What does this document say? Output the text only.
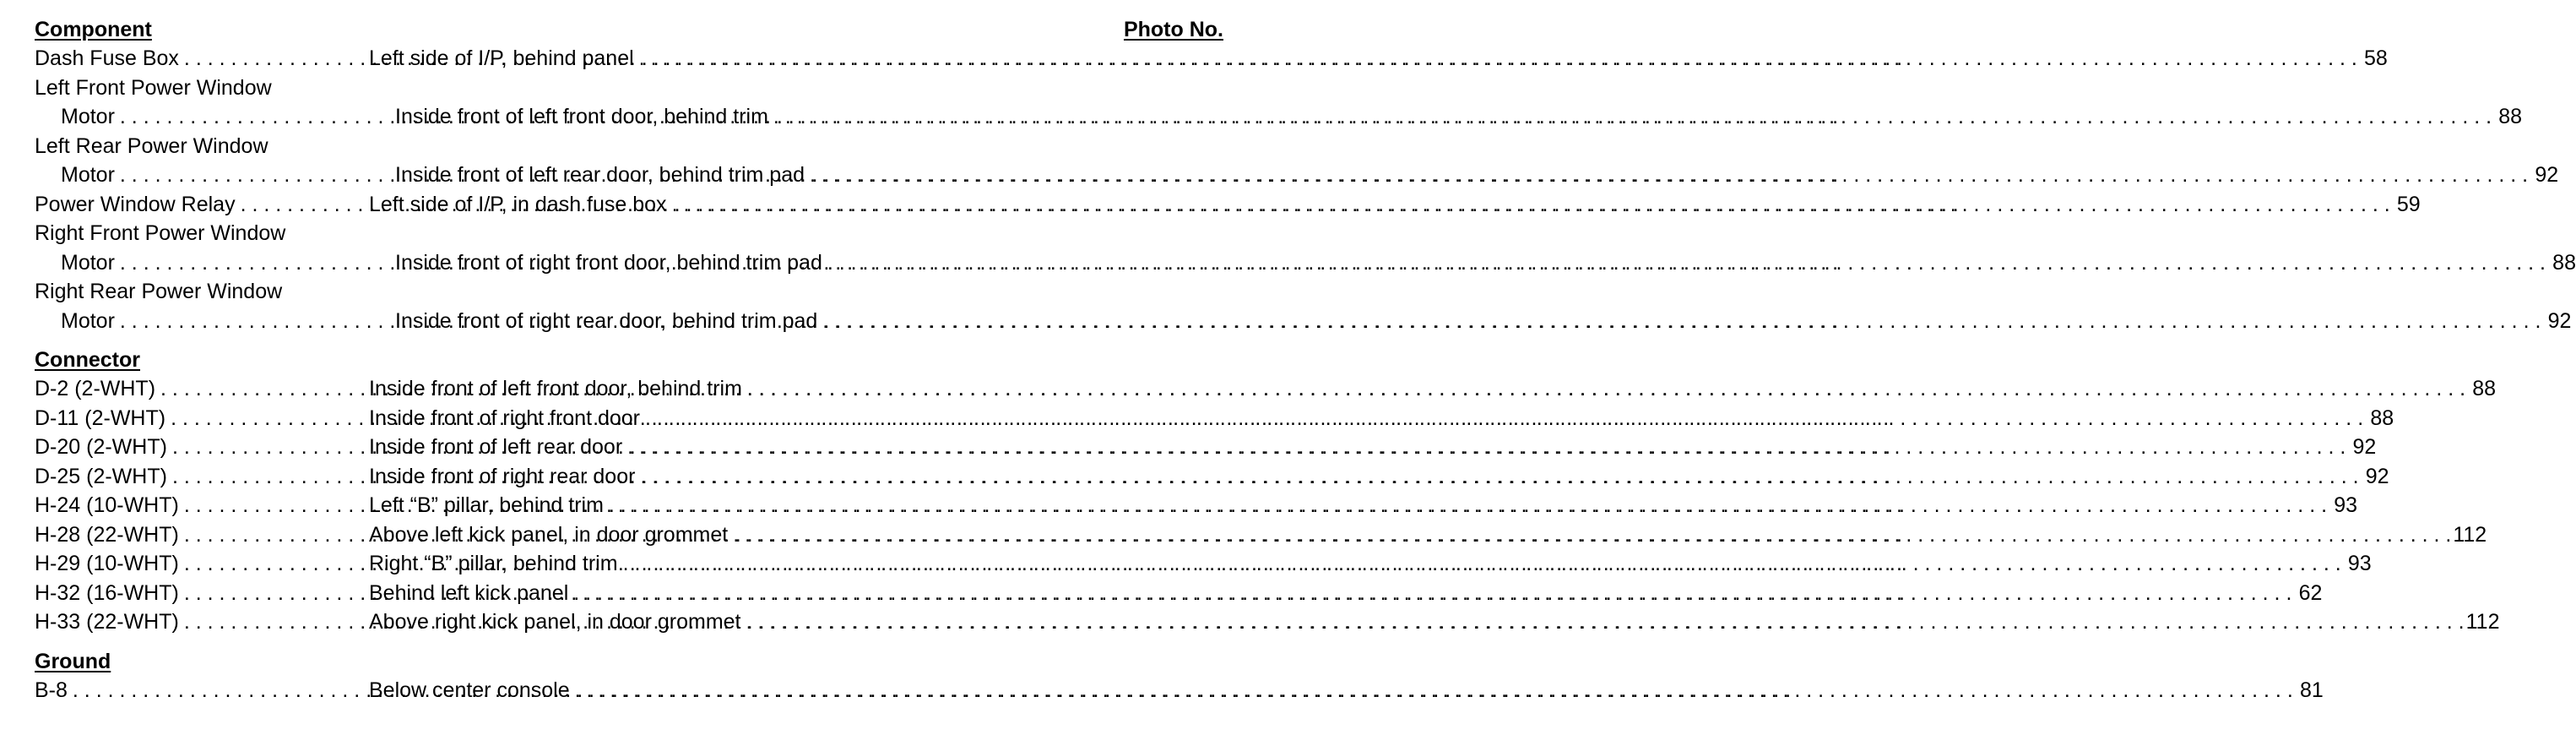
Component	Photo No.
Dash Fuse Box . . .	Left side of I/P, behind panel . . .	58
Left Front Power Window
Motor . . .	Inside front of left front door, behind trim . . .	88
Left Rear Power Window
Motor . . .	Inside front of left rear door, behind trim pad . . .	92
Power Window Relay . . .	Left side of I/P, in dash fuse box . . .	59
Right Front Power Window
Motor . . .	Inside front of right front door, behind trim pad . . .	88
Right Rear Power Window
Motor . . .	Inside front of right rear door, behind trim pad . . .	92
Connector
D-2 (2-WHT) . . .	Inside front of left front door, behind trim . . .	88
D-11 (2-WHT) . . .	Inside front of right front door . . .	88
D-20 (2-WHT) . . .	Inside front of left rear door . . .	92
D-25 (2-WHT) . . .	Inside front of right rear door . . .	92
H-24 (10-WHT) . . .	Left “B” pillar, behind trim . . .	93
H-28 (22-WHT) . . .	Above left kick panel, in door grommet . . .	112
H-29 (10-WHT) . . .	Right “B” pillar, behind trim . . .	93
H-32 (16-WHT) . . .	Behind left kick panel . . .	62
H-33 (22-WHT) . . .	Above right kick panel, in door grommet . . .	112
Ground
B-8 . . .	Below center console . . .	81
